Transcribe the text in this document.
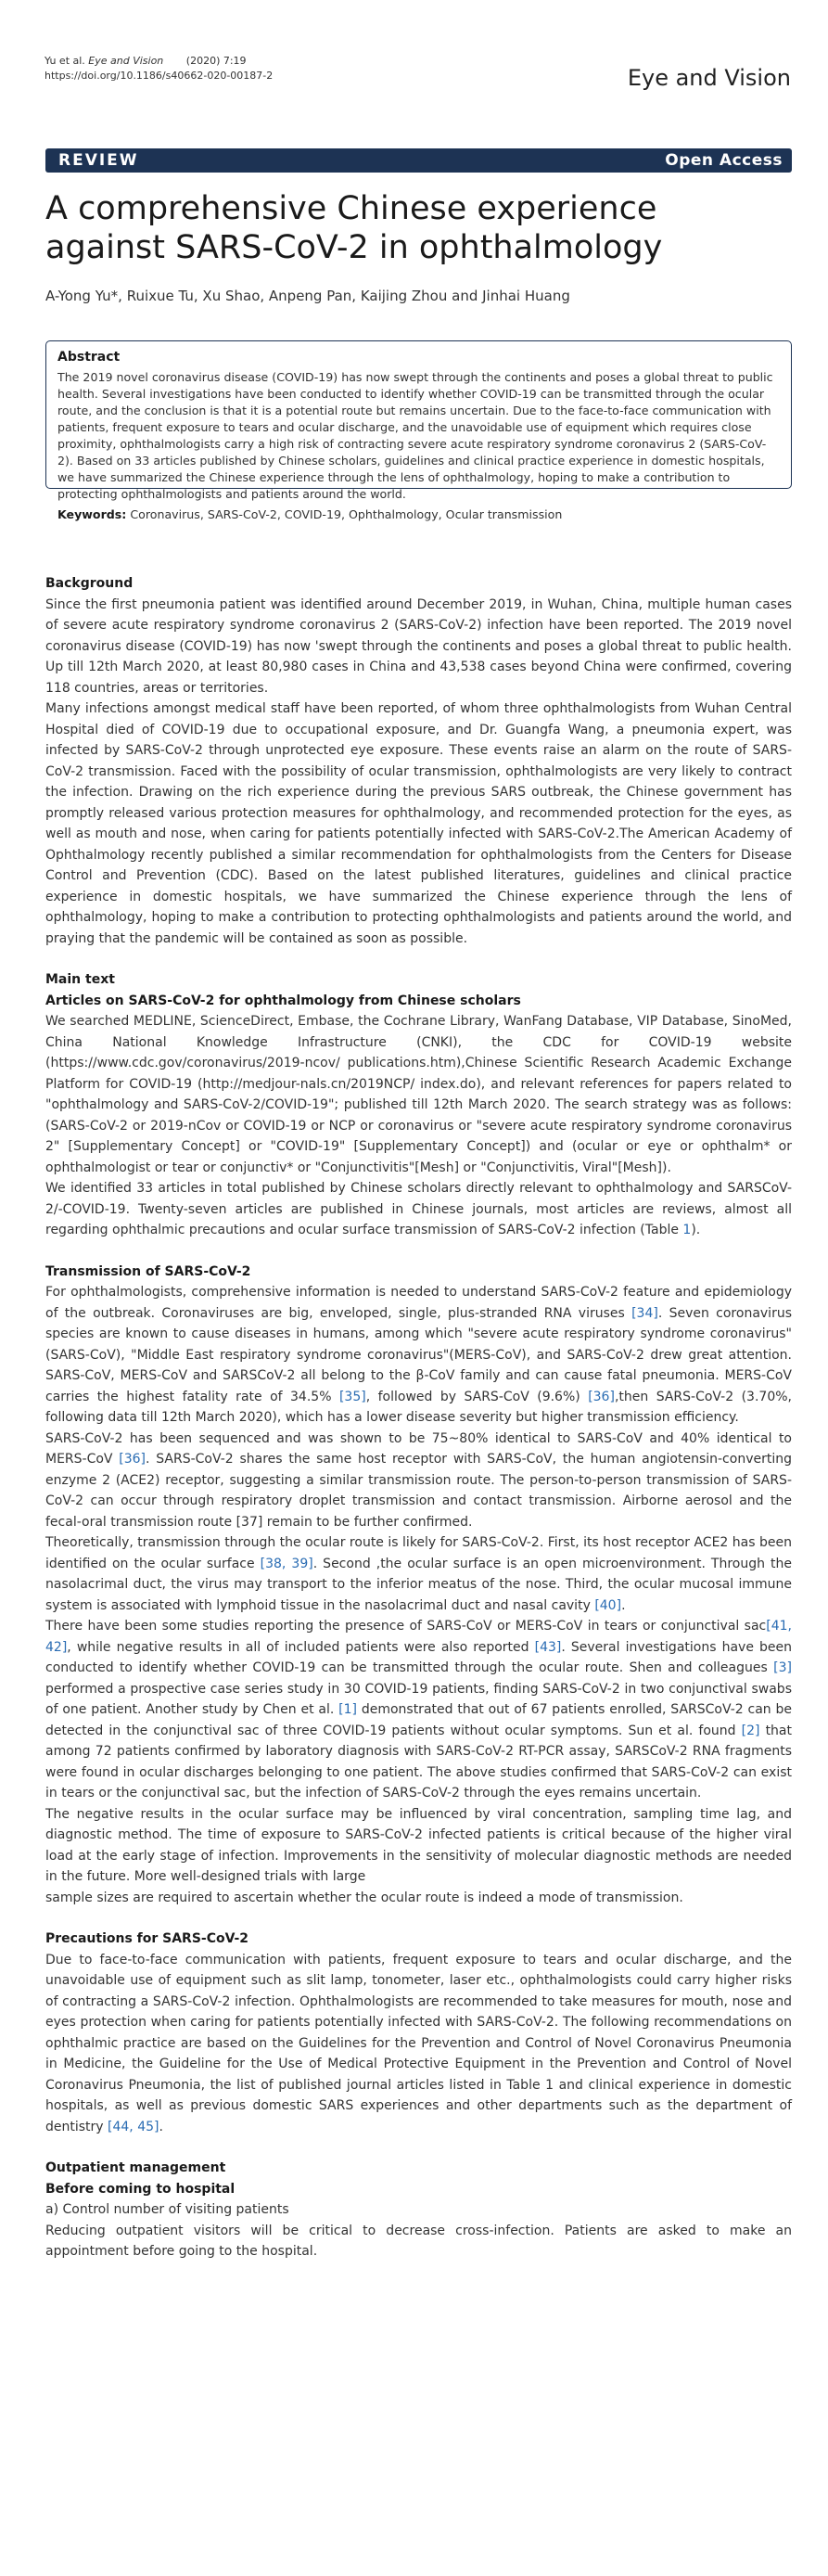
Yu et al. Eye and Vision (2020) 7:19
https://doi.org/10.1186/s40662-020-00187-2	Eye and Vision
REVIEW	Open Access
A comprehensive Chinese experience against SARS-CoV-2 in ophthalmology
A-Yong Yu*, Ruixue Tu, Xu Shao, Anpeng Pan, Kaijing Zhou and Jinhai Huang
Abstract

The 2019 novel coronavirus disease (COVID-19) has now swept through the continents and poses a global threat to public health. Several investigations have been conducted to identify whether COVID-19 can be transmitted through the ocular route, and the conclusion is that it is a potential route but remains uncertain. Due to the face-to-face communication with patients, frequent exposure to tears and ocular discharge, and the unavoidable use of equipment which requires close proximity, ophthalmologists carry a high risk of contracting severe acute respiratory syndrome coronavirus 2 (SARS-CoV-2). Based on 33 articles published by Chinese scholars, guidelines and clinical practice experience in domestic hospitals, we have summarized the Chinese experience through the lens of ophthalmology, hoping to make a contribution to protecting ophthalmologists and patients around the world.

Keywords: Coronavirus, SARS-CoV-2, COVID-19, Ophthalmology, Ocular transmission
Background

Since the first pneumonia patient was identified around December 2019, in Wuhan, China, multiple human cases of severe acute respiratory syndrome coronavirus 2 (SARS-CoV-2) infection have been reported. The 2019 novel coronavirus disease (COVID-19) has now 'swept through the continents and poses a global threat to public health. Up till 12th March 2020, at least 80,980 cases in China and 43,538 cases beyond China were confirmed, covering 118 countries, areas or territories.

Many infections amongst medical staff have been reported, of whom three ophthalmologists from Wuhan Central Hospital died of COVID-19 due to occupational exposure, and Dr. Guangfa Wang, a pneumonia expert, was infected by SARS-CoV-2 through unprotected eye exposure. These events raise an alarm on the route of SARS-CoV-2 transmission. Faced with the possibility of ocular transmission, ophthalmologists are very likely to contract the infection. Drawing on the rich experience during the previous SARS outbreak, the Chinese government has promptly released various protection measures for ophthalmology, and recommended protection for the eyes, as well as mouth and nose, when caring for patients potentially infected with SARS-CoV-2.The American Academy of Ophthalmology recently published a similar recommendation for ophthalmologists from the Centers for Disease Control and Prevention (CDC). Based on the latest published literatures, guidelines and clinical practice experience in domestic hospitals, we have summarized the Chinese experience through the lens of ophthalmology, hoping to make a contribution to protecting ophthalmologists and patients around the world, and praying that the pandemic will be contained as soon as possible.

Main text
Articles on SARS-CoV-2 for ophthalmology from Chinese scholars

We searched MEDLINE, ScienceDirect, Embase, the Cochrane Library, WanFang Database, VIP Database, SinoMed, China National Knowledge Infrastructure (CNKI), the CDC for COVID-19 website (https://www.cdc.gov/coronavirus/2019-ncov/ publications.htm),Chinese Scientific Research Academic Exchange Platform for COVID-19 (http://medjour-nals.cn/2019NCP/ index.do), and relevant references for papers related to "ophthalmology and SARS-CoV-2/COVID-19"; published till 12th March 2020. The search strategy was as follows: (SARS-CoV-2 or 2019-nCov or COVID-19 or NCP or coronavirus or "severe acute respiratory syndrome coronavirus 2" [Supplementary Concept] or "COVID-19" [Supplementary Concept]) and (ocular or eye or ophthalm* or ophthalmologist or tear or conjunctiv* or "Conjunctivitis"[Mesh] or "Conjunctivitis, Viral"[Mesh]).

We identified 33 articles in total published by Chinese scholars directly relevant to ophthalmology and SARSCoV-2/-COVID-19. Twenty-seven articles are published in Chinese journals, most articles are reviews, almost all regarding ophthalmic precautions and ocular surface transmission of SARS-CoV-2 infection (Table 1).

Transmission of SARS-CoV-2

For ophthalmologists, comprehensive information is needed to understand SARS-CoV-2 feature and epidemiology of the outbreak. Coronaviruses are big, enveloped, single, plus-stranded RNA viruses [34]. Seven coronavirus species are known to cause diseases in humans, among which "severe acute respiratory syndrome coronavirus"(SARS-CoV), "Middle East respiratory syndrome coronavirus"(MERS-CoV), and SARS-CoV-2 drew great attention. SARS-CoV, MERS-CoV and SARSCoV-2 all belong to the β-CoV family and can cause fatal pneumonia. MERS-CoV carries the highest fatality rate of 34.5% [35], followed by SARS-CoV (9.6%) [36],then SARS-CoV-2 (3.70%, following data till 12th March 2020), which has a lower disease severity but higher transmission efficiency.

SARS-CoV-2 has been sequenced and was shown to be 75~80% identical to SARS-CoV and 40% identical to MERS-CoV [36]. SARS-CoV-2 shares the same host receptor with SARS-CoV, the human angiotensin-converting enzyme 2 (ACE2) receptor, suggesting a similar transmission route. The person-to-person transmission of SARS-CoV-2 can occur through respiratory droplet transmission and contact transmission. Airborne aerosol and the fecal-oral transmission route [37] remain to be further confirmed.

Theoretically, transmission through the ocular route is likely for SARS-CoV-2. First, its host receptor ACE2 has been identified on the ocular surface [38, 39]. Second ,the ocular surface is an open microenvironment. Through the nasolacrimal duct, the virus may transport to the inferior meatus of the nose. Third, the ocular mucosal immune system is associated with lymphoid tissue in the nasolacrimal duct and nasal cavity [40].

There have been some studies reporting the presence of SARS-CoV or MERS-CoV in tears or conjunctival sac[41, 42], while negative results in all of included patients were also reported [43]. Several investigations have been conducted to identify whether COVID-19 can be transmitted through the ocular route. Shen and colleagues [3] performed a prospective case series study in 30 COVID-19 patients, finding SARS-CoV-2 in two conjunctival swabs of one patient. Another study by Chen et al. [1] demonstrated that out of 67 patients enrolled, SARSCoV-2 can be detected in the conjunctival sac of three COVID-19 patients without ocular symptoms. Sun et al. found [2] that among 72 patients confirmed by laboratory diagnosis with SARS-CoV-2 RT-PCR assay, SARSCoV-2 RNA fragments were found in ocular discharges belonging to one patient. The above studies confirmed that SARS-CoV-2 can exist in tears or the conjunctival sac, but the infection of SARS-CoV-2 through the eyes remains uncertain.

The negative results in the ocular surface may be influenced by viral concentration, sampling time lag, and diagnostic method. The time of exposure to SARS-CoV-2 infected patients is critical because of the higher viral load at the early stage of infection. Improvements in the sensitivity of molecular diagnostic methods are needed in the future. More well-designed trials with large

sample sizes are required to ascertain whether the ocular route is indeed a mode of transmission.

Precautions for SARS-CoV-2

Due to face-to-face communication with patients, frequent exposure to tears and ocular discharge, and the unavoidable use of equipment such as slit lamp, tonometer, laser etc., ophthalmologists could carry higher risks of contracting a SARS-CoV-2 infection. Ophthalmologists are recommended to take measures for mouth, nose and eyes protection when caring for patients potentially infected with SARS-CoV-2. The following recommendations on ophthalmic practice are based on the Guidelines for the Prevention and Control of Novel Coronavirus Pneumonia in Medicine, the Guideline for the Use of Medical Protective Equipment in the Prevention and Control of Novel Coronavirus Pneumonia, the list of published journal articles listed in Table 1 and clinical experience in domestic hospitals, as well as previous domestic SARS experiences and other departments such as the department of dentistry [44, 45].

Outpatient management
Before coming to hospital

a) Control number of visiting patients

Reducing outpatient visitors will be critical to decrease cross-infection. Patients are asked to make an appointment before going to the hospital.
